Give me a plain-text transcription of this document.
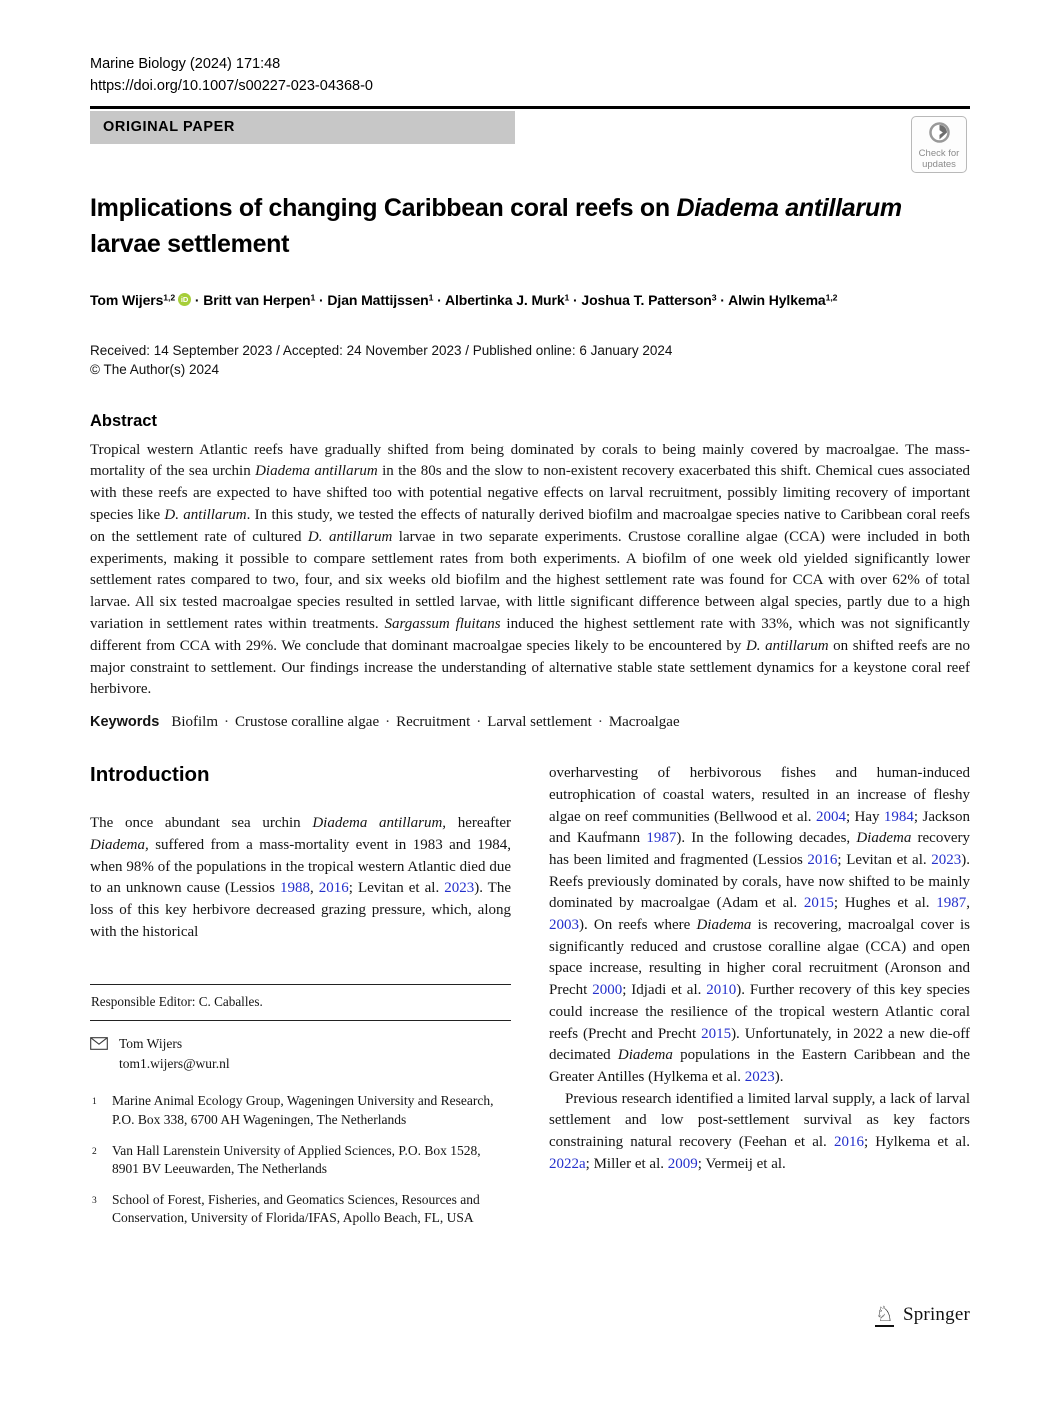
Marine Biology (2024) 171:48
https://doi.org/10.1007/s00227-023-04368-0
ORIGINAL PAPER
Implications of changing Caribbean coral reefs on Diadema antillarum larvae settlement
Tom Wijers$^{1,2}$ iD · Britt van Herpen$^1$ · Djan Mattijssen$^1$ · Albertinka J. Murk$^1$ · Joshua T. Patterson$^3$ · Alwin Hylkema$^{1,2}$
Received: 14 September 2023 / Accepted: 24 November 2023 / Published online: 6 January 2024
© The Author(s) 2024
Abstract

Tropical western Atlantic reefs have gradually shifted from being dominated by corals to being mainly covered by macroalgae. The mass-mortality of the sea urchin Diadema antillarum in the 80s and the slow to non-existent recovery exacerbated this shift. Chemical cues associated with these reefs are expected to have shifted too with potential negative effects on larval recruitment, possibly limiting recovery of important species like D. antillarum. In this study, we tested the effects of naturally derived biofilm and macroalgae species native to Caribbean coral reefs on the settlement rate of cultured D. antillarum larvae in two separate experiments. Crustose coralline algae (CCA) were included in both experiments, making it possible to compare settlement rates from both experiments. A biofilm of one week old yielded significantly lower settlement rates compared to two, four, and six weeks old biofilm and the highest settlement rate was found for CCA with over 62% of total larvae. All six tested macroalgae species resulted in settled larvae, with little significant difference between algal species, partly due to a high variation in settlement rates within treatments. Sargassum fluitans induced the highest settlement rate with 33%, which was not significantly different from CCA with 29%. We conclude that dominant macroalgae species likely to be encountered by D. antillarum on shifted reefs are no major constraint to settlement. Our findings increase the understanding of alternative stable state settlement dynamics for a keystone coral reef herbivore.

Keywords Biofilm · Crustose coralline algae · Recruitment · Larval settlement · Macroalgae
Introduction

The once abundant sea urchin Diadema antillarum, hereafter Diadema, suffered from a mass-mortality event in 1983 and 1984, when 98% of the populations in the tropical western Atlantic died due to an unknown cause (Lessios 1988, 2016; Levitan et al. 2023). The loss of this key herbivore decreased grazing pressure, which, along with the historical

Responsible Editor: C. Caballes.
Tom Wijers
tom1.wijers@wur.nl
1	Marine Animal Ecology Group, Wageningen University and Research, P.O. Box 338, 6700 AH Wageningen, The Netherlands
2	Van Hall Larenstein University of Applied Sciences, P.O. Box 1528, 8901 BV Leeuwarden, The Netherlands
3	School of Forest, Fisheries, and Geomatics Sciences, Resources and Conservation, University of Florida/IFAS, Apollo Beach, FL, USA

overharvesting of herbivorous fishes and human-induced eutrophication of coastal waters, resulted in an increase of fleshy algae on reef communities (Bellwood et al. 2004; Hay 1984; Jackson and Kaufmann 1987). In the following decades, Diadema recovery has been limited and fragmented (Lessios 2016; Levitan et al. 2023). Reefs previously dominated by corals, have now shifted to be mainly dominated by macroalgae (Adam et al. 2015; Hughes et al. 1987, 2003). On reefs where Diadema is recovering, macroalgal cover is significantly reduced and crustose coralline algae (CCA) and open space increase, resulting in higher coral recruitment (Aronson and Precht 2000; Idjadi et al. 2010). Further recovery of this key species could increase the resilience of the tropical western Atlantic coral reefs (Precht and Precht 2015). Unfortunately, in 2022 a new die-off decimated Diadema populations in the Eastern Caribbean and the Greater Antilles (Hylkema et al. 2023).

Previous research identified a limited larval supply, a lack of larval settlement and low post-settlement survival as key factors constraining natural recovery (Feehan et al. 2016; Hylkema et al. 2022a; Miller et al. 2009; Vermeij et al.

Check for
updates
♘ Springer
